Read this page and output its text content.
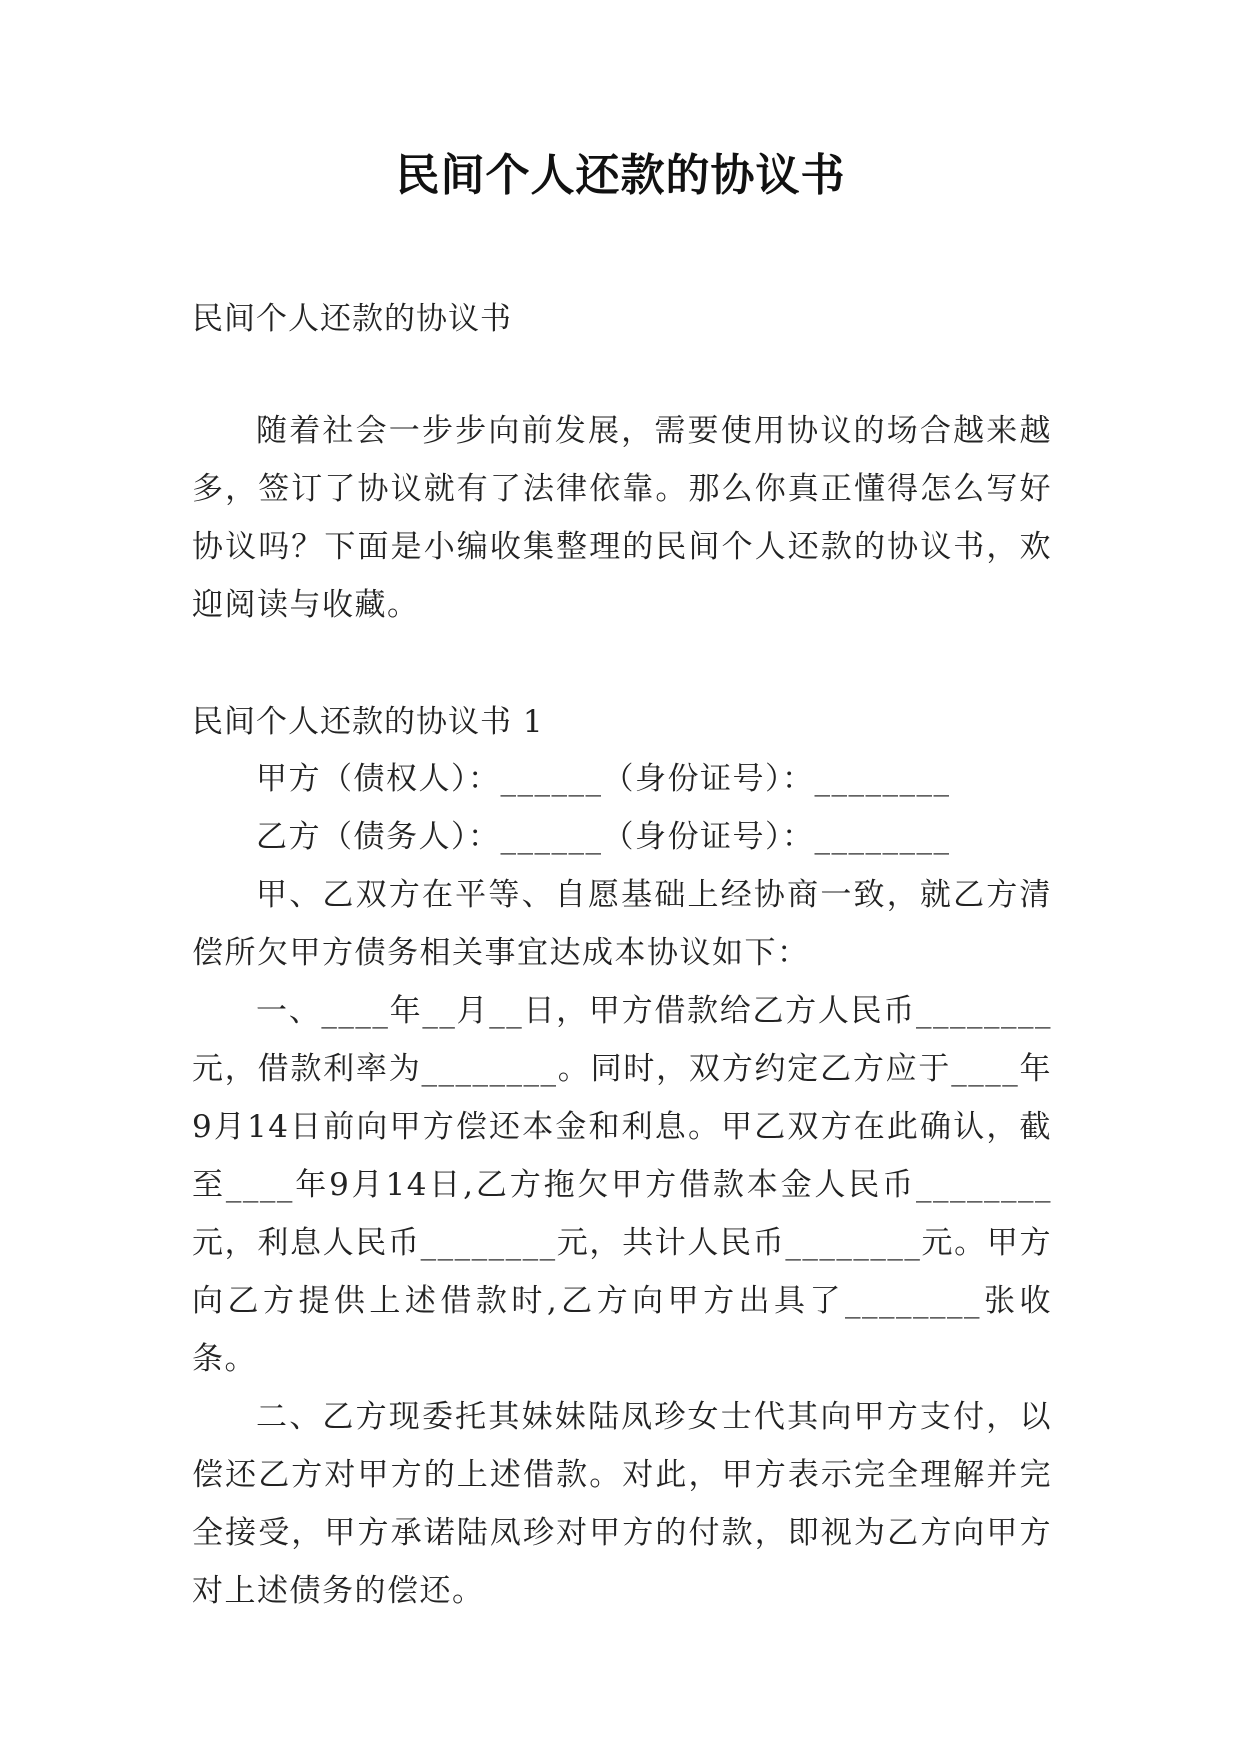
民间个人还款的协议书

民间个人还款的协议书

随着社会一步步向前发展，需要使用协议的场合越来越多，签订了协议就有了法律依靠。那么你真正懂得怎么写好协议吗？下面是小编收集整理的民间个人还款的协议书，欢迎阅读与收藏。

民间个人还款的协议书 1

甲方（债权人）：______（身份证号）：________

乙方（债务人）：______（身份证号）：________

甲、乙双方在平等、自愿基础上经协商一致，就乙方清偿所欠甲方债务相关事宜达成本协议如下：

一、____年__月__日，甲方借款给乙方人民币________元，借款利率为________。同时，双方约定乙方应于____年9月14日前向甲方偿还本金和利息。甲乙双方在此确认，截至____年9月14日,乙方拖欠甲方借款本金人民币________元，利息人民币________元，共计人民币________元。甲方向乙方提供上述借款时,乙方向甲方出具了________张收条。

二、乙方现委托其妹妹陆凤珍女士代其向甲方支付，以偿还乙方对甲方的上述借款。对此，甲方表示完全理解并完全接受，甲方承诺陆凤珍对甲方的付款，即视为乙方向甲方对上述债务的偿还。
